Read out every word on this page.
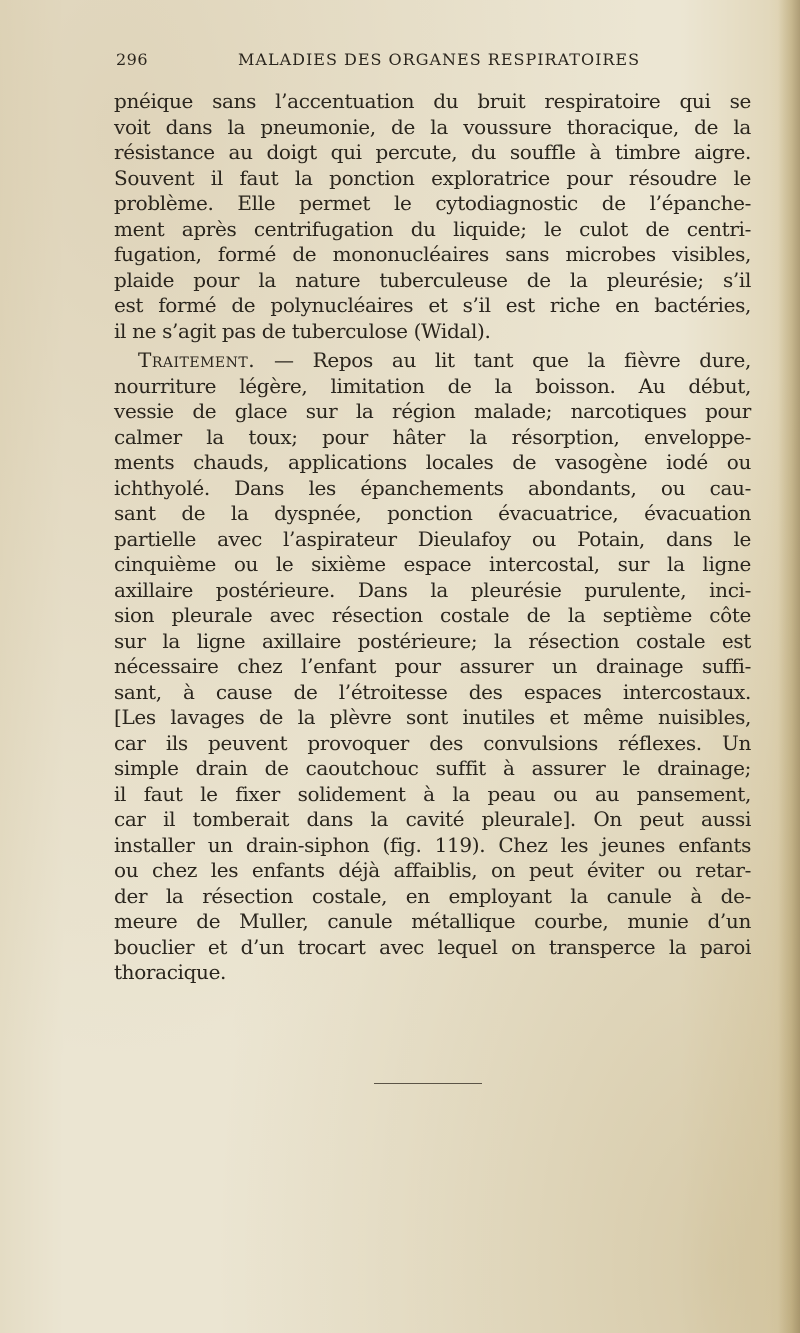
296	MALADIES DES ORGANES RESPIRATOIRES

pnéique sans l’accentuation du bruit respiratoire qui se
voit dans la pneumonie, de la voussure thoracique, de la
résistance au doigt qui percute, du souffle à timbre aigre.
Souvent il faut la ponction exploratrice pour résoudre le
problème. Elle permet le cytodiagnostic de l’épanche-
ment après centrifugation du liquide; le culot de centri-
fugation, formé de mononucléaires sans microbes visibles,
plaide pour la nature tuberculeuse de la pleurésie; s’il
est formé de polynucléaires et s’il est riche en bactéries,
il ne s’agit pas de tuberculose (Widal).

Traitement. — Repos au lit tant que la fièvre dure,
nourriture légère, limitation de la boisson. Au début,
vessie de glace sur la région malade; narcotiques pour
calmer la toux; pour hâter la résorption, enveloppe-
ments chauds, applications locales de vasogène iodé ou
ichthyolé. Dans les épanchements abondants, ou cau-
sant de la dyspnée, ponction évacuatrice, évacuation
partielle avec l’aspirateur Dieulafoy ou Potain, dans le
cinquième ou le sixième espace intercostal, sur la ligne
axillaire postérieure. Dans la pleurésie purulente, inci-
sion pleurale avec résection costale de la septième côte
sur la ligne axillaire postérieure; la résection costale est
nécessaire chez l’enfant pour assurer un drainage suffi-
sant, à cause de l’étroitesse des espaces intercostaux.
[Les lavages de la plèvre sont inutiles et même nuisibles,
car ils peuvent provoquer des convulsions réflexes. Un
simple drain de caoutchouc suffit à assurer le drainage;
il faut le fixer solidement à la peau ou au pansement,
car il tomberait dans la cavité pleurale]. On peut aussi
installer un drain-siphon (fig. 119). Chez les jeunes enfants
ou chez les enfants déjà affaiblis, on peut éviter ou retar-
der la résection costale, en employant la canule à de-
meure de Muller, canule métallique courbe, munie d’un
bouclier et d’un trocart avec lequel on transperce la paroi
thoracique.
